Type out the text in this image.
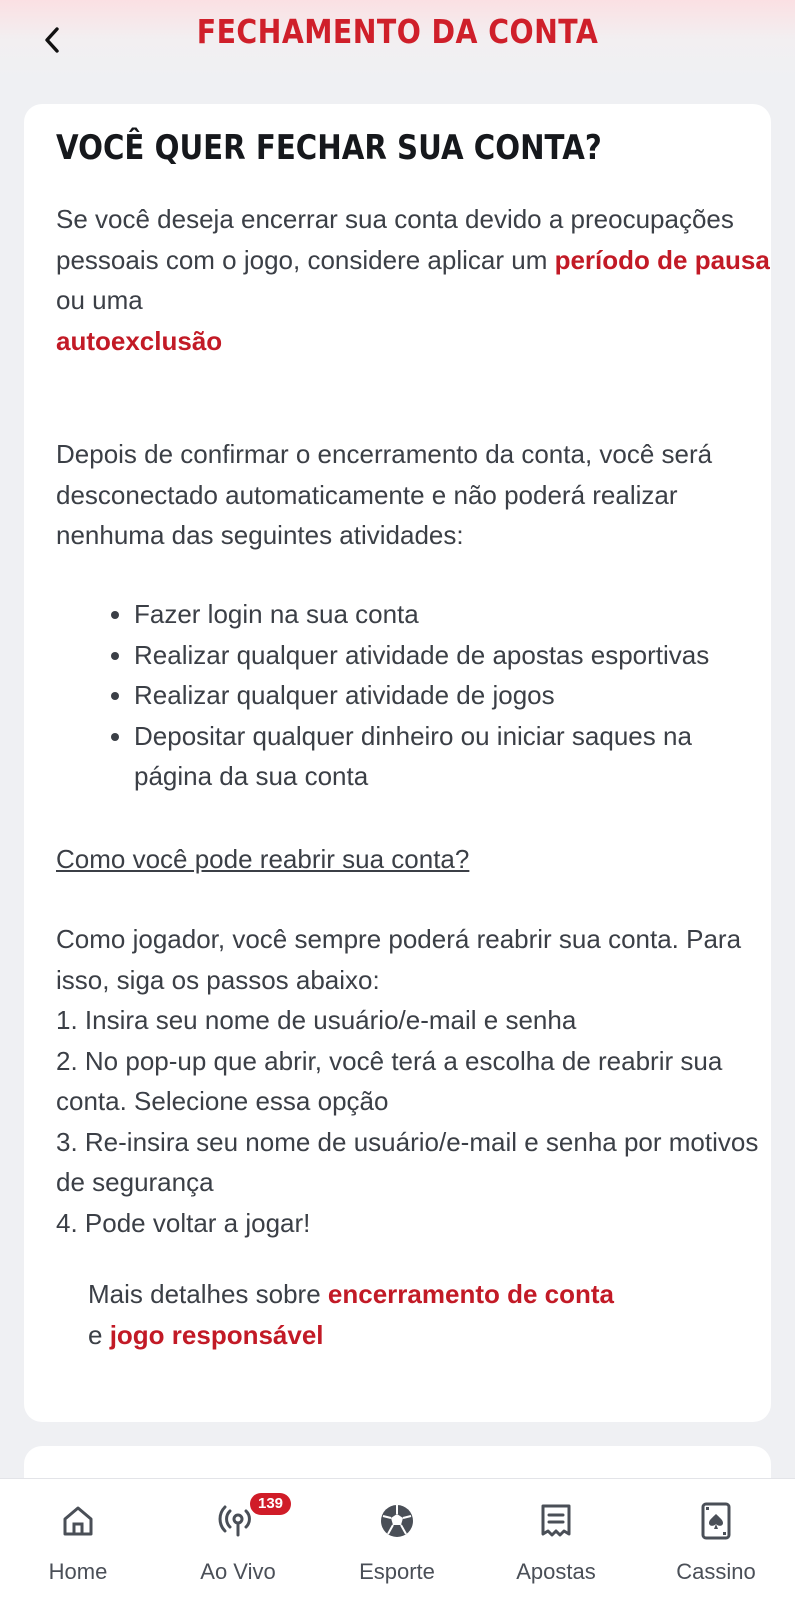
FECHAMENTO DA CONTA
VOCÊ QUER FECHAR SUA CONTA?
Se você deseja encerrar sua conta devido a preocupações pessoais com o jogo, considere aplicar um período de pausa ou uma
autoexclusão
Depois de confirmar o encerramento da conta, você será desconectado automaticamente e não poderá realizar nenhuma das seguintes atividades:
• Fazer login na sua conta
• Realizar qualquer atividade de apostas esportivas
• Realizar qualquer atividade de jogos
• Depositar qualquer dinheiro ou iniciar saques na página da sua conta
Como você pode reabrir sua conta?
Como jogador, você sempre poderá reabrir sua conta. Para isso, siga os passos abaixo:
1. Insira seu nome de usuário/e-mail e senha
2. No pop-up que abrir, você terá a escolha de reabrir sua conta. Selecione essa opção
3. Re-insira seu nome de usuário/e-mail e senha por motivos de segurança
4. Pode voltar a jogar!
Mais detalhes sobre encerramento de conta
e jogo responsável
Home
139
Ao Vivo	Esporte	Apostas	Cassino
